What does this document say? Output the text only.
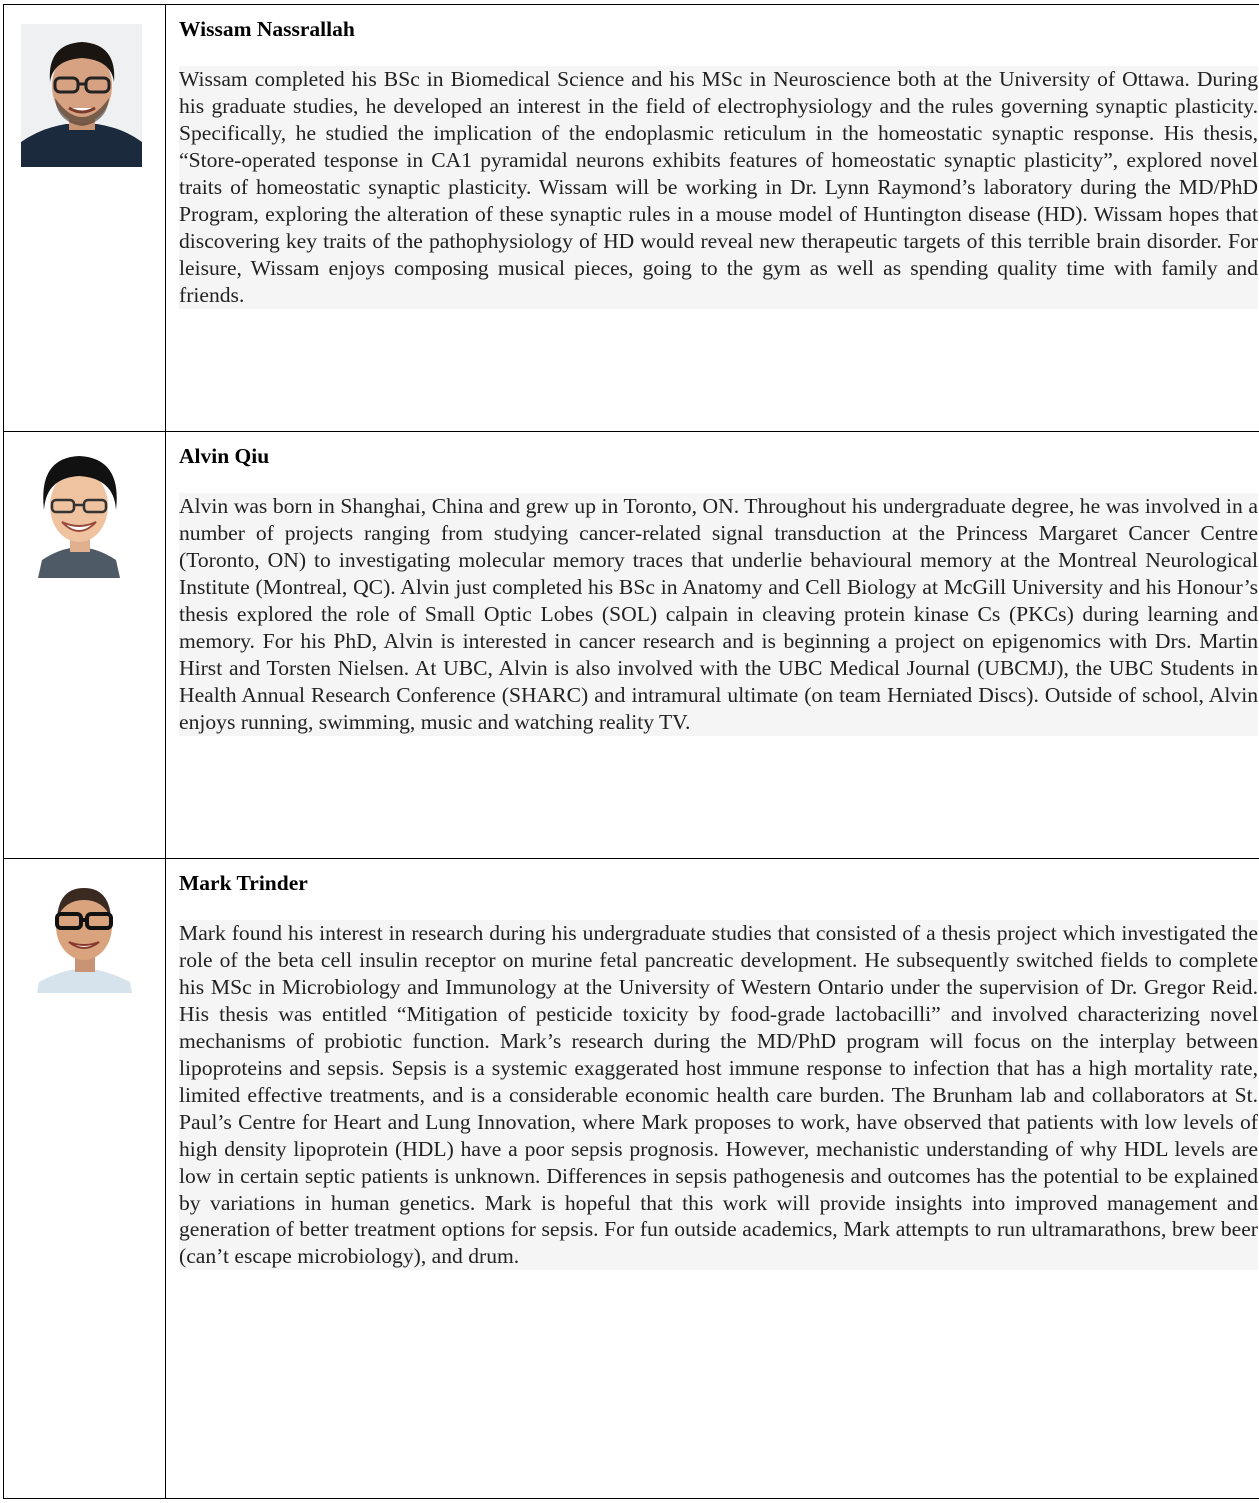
Wissam Nassrallah

Wissam completed his BSc in Biomedical Science and his MSc in Neuroscience both at the University of Ottawa. During his graduate studies, he developed an interest in the field of electrophysiology and the rules governing synaptic plasticity. Specifically, he studied the implication of the endoplasmic reticulum in the homeostatic synaptic response. His thesis, “Store-operated tesponse in CA1 pyramidal neurons exhibits features of homeostatic synaptic plasticity”, explored novel traits of homeostatic synaptic plasticity. Wissam will be working in Dr. Lynn Raymond’s laboratory during the MD/PhD Program, exploring the alteration of these synaptic rules in a mouse model of Huntington disease (HD). Wissam hopes that discovering key traits of the pathophysiology of HD would reveal new therapeutic targets of this terrible brain disorder. For leisure, Wissam enjoys composing musical pieces, going to the gym as well as spending quality time with family and friends.

Alvin Qiu

Alvin was born in Shanghai, China and grew up in Toronto, ON. Throughout his undergraduate degree, he was involved in a number of projects ranging from studying cancer-related signal transduction at the Princess Margaret Cancer Centre (Toronto, ON) to investigating molecular memory traces that underlie behavioural memory at the Montreal Neurological Institute (Montreal, QC). Alvin just completed his BSc in Anatomy and Cell Biology at McGill University and his Honour’s thesis explored the role of Small Optic Lobes (SOL) calpain in cleaving protein kinase Cs (PKCs) during learning and memory. For his PhD, Alvin is interested in cancer research and is beginning a project on epigenomics with Drs. Martin Hirst and Torsten Nielsen. At UBC, Alvin is also involved with the UBC Medical Journal (UBCMJ), the UBC Students in Health Annual Research Conference (SHARC) and intramural ultimate (on team Herniated Discs). Outside of school, Alvin enjoys running, swimming, music and watching reality TV.

Mark Trinder

Mark found his interest in research during his undergraduate studies that consisted of a thesis project which investigated the role of the beta cell insulin receptor on murine fetal pancreatic development. He subsequently switched fields to complete his MSc in Microbiology and Immunology at the University of Western Ontario under the supervision of Dr. Gregor Reid. His thesis was entitled “Mitigation of pesticide toxicity by food-grade lactobacilli” and involved characterizing novel mechanisms of probiotic function. Mark’s research during the MD/PhD program will focus on the interplay between lipoproteins and sepsis. Sepsis is a systemic exaggerated host immune response to infection that has a high mortality rate, limited effective treatments, and is a considerable economic health care burden. The Brunham lab and collaborators at St. Paul’s Centre for Heart and Lung Innovation, where Mark proposes to work, have observed that patients with low levels of high density lipoprotein (HDL) have a poor sepsis prognosis. However, mechanistic understanding of why HDL levels are low in certain septic patients is unknown. Differences in sepsis pathogenesis and outcomes has the potential to be explained by variations in human genetics. Mark is hopeful that this work will provide insights into improved management and generation of better treatment options for sepsis. For fun outside academics, Mark attempts to run ultramarathons, brew beer (can’t escape microbiology), and drum.
